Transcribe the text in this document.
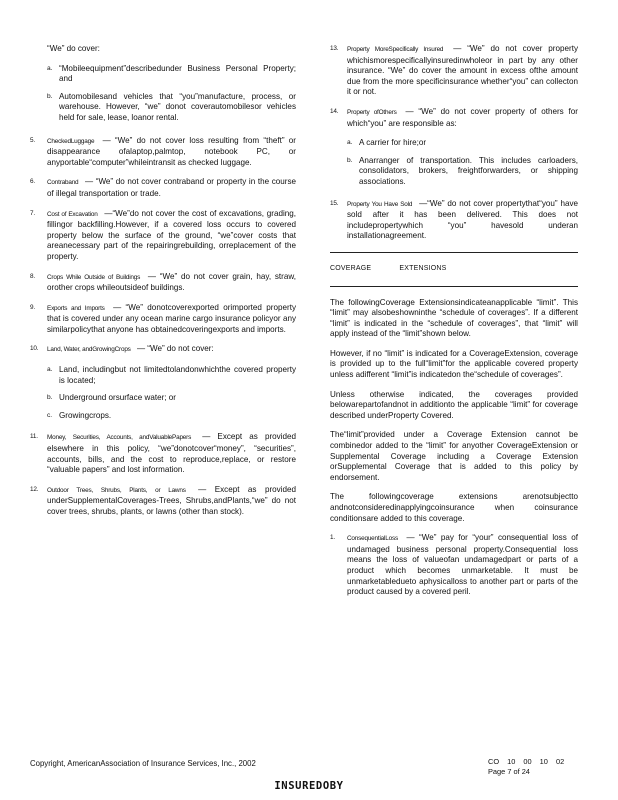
“We” do cover:

a. “Mobileequipment”describedunder Business Personal Property; and

b. Automobilesand vehicles that “you”manufacture, process, or warehouse. However, “we” donot coverautomobilesor vehicles held for sale, lease, loanor rental.

5.	CheckedLuggage — “We” do not cover loss resulting from “theft” or disappearance ofalaptop,palmtop, notebook PC, or anyportable“computer”whileintransit as checked luggage.

6.	Contraband — “We” do not cover contraband or property in the course of illegal transportation or trade.

7.	Cost of Excavation —“We”do not cover the cost of excavations, grading, fillingor backfilling.However, if a covered loss occurs to covered property below the surface of the ground, “we”cover costs that areanecessary part of the repairingrebuilding, orreplacement of the property.

8.	Crops While Outside of Buildings — “We” do not cover grain, hay, straw, orother crops whileoutsideof buildings.

9.	Exports and Imports — “We” donotcoverexported orimported property that is covered under any ocean marine cargo insurance policyor any similarpolicythat anyone has obtainedcoveringexports and imports.

10.	Land, Water, andGrowingCrops — “We” do not cover:

a. Land, includingbut not limitedtolandonwhichthe covered property is located;

b. Underground orsurface water; or

c. Growingcrops.

11.	Money, Securities, Accounts, andValuablePapers — Except as provided elsewhere in this policy, “we”donotcover“money”, “securities”, accounts, bills, and the cost to reproduce,replace, or restore “valuable papers” and lost information.

12.	Outdoor Trees, Shrubs, Plants, or Lawns — Except as provided underSupplementalCoverages-Trees, Shrubs,andPlants,“we” do not cover trees, shrubs, plants, or lawns (other than stock).

13.	Property MoreSpecifically Insured — “We” do not cover property whichismorespecificallyinsuredinwholeor in part by any other insurance. “We” do cover the amount in excess ofthe amount due from the more specificinsurance whether“you” can collecton it or not.

14.	Property ofOthers — “We” do not cover property of others for which“you” are responsible as:

a. A carrier for hire;or

b. Anarranger of transportation. This includes carloaders, consolidators, brokers, freightforwarders, or shipping associations.

15.	Property You Have Sold —“We” do not cover propertythat“you” have sold after it has been delivered. This does not includepropertywhich “you” havesold underan installationagreement.

COVERAGE EXTENSIONS

The followingCoverage Extensionsindicateanapplicable “limit”. This “limit” may alsobeshowninthe “schedule of coverages”. If a different “limit” is indicated in the “schedule of coverages”, that “limit” will apply instead of the “limit”shown below.

However, if no “limit” is indicated for a CoverageExtension, coverage is provided up to the full“limit”for the applicable covered property unless adifferent “limit”is indicatedon the“schedule of coverages”.

Unless otherwise indicated, the coverages provided belowarepartofandnot in additionto the applicable “limit” for coverage described underProperty Covered.

The“limit”provided under a Coverage Extension cannot be combinedor added to the “limit” for anyother CoverageExtension or Supplemental Coverage including a Coverage Extension orSupplemental Coverage that is added to this policy by endorsement.

The followingcoverage extensions arenotsubjectto andnotconsideredinapplyingcoinsurance when coinsurance conditionsare added to this coverage.

1.	ConsequentialLoss — “We” pay for “your” consequential loss of undamaged business personal property.Consequential loss means the loss of valueofan undamagedpart or parts of a product which becomes unmarketable. It must be unmarketabledueto aphysicalloss to another part or parts of the product caused by a covered peril.

Copyright, AmericanAssociation of Insurance Services, Inc., 2002	CO 10 00 10 02
Page 7 of 24
INSUREDOBY
